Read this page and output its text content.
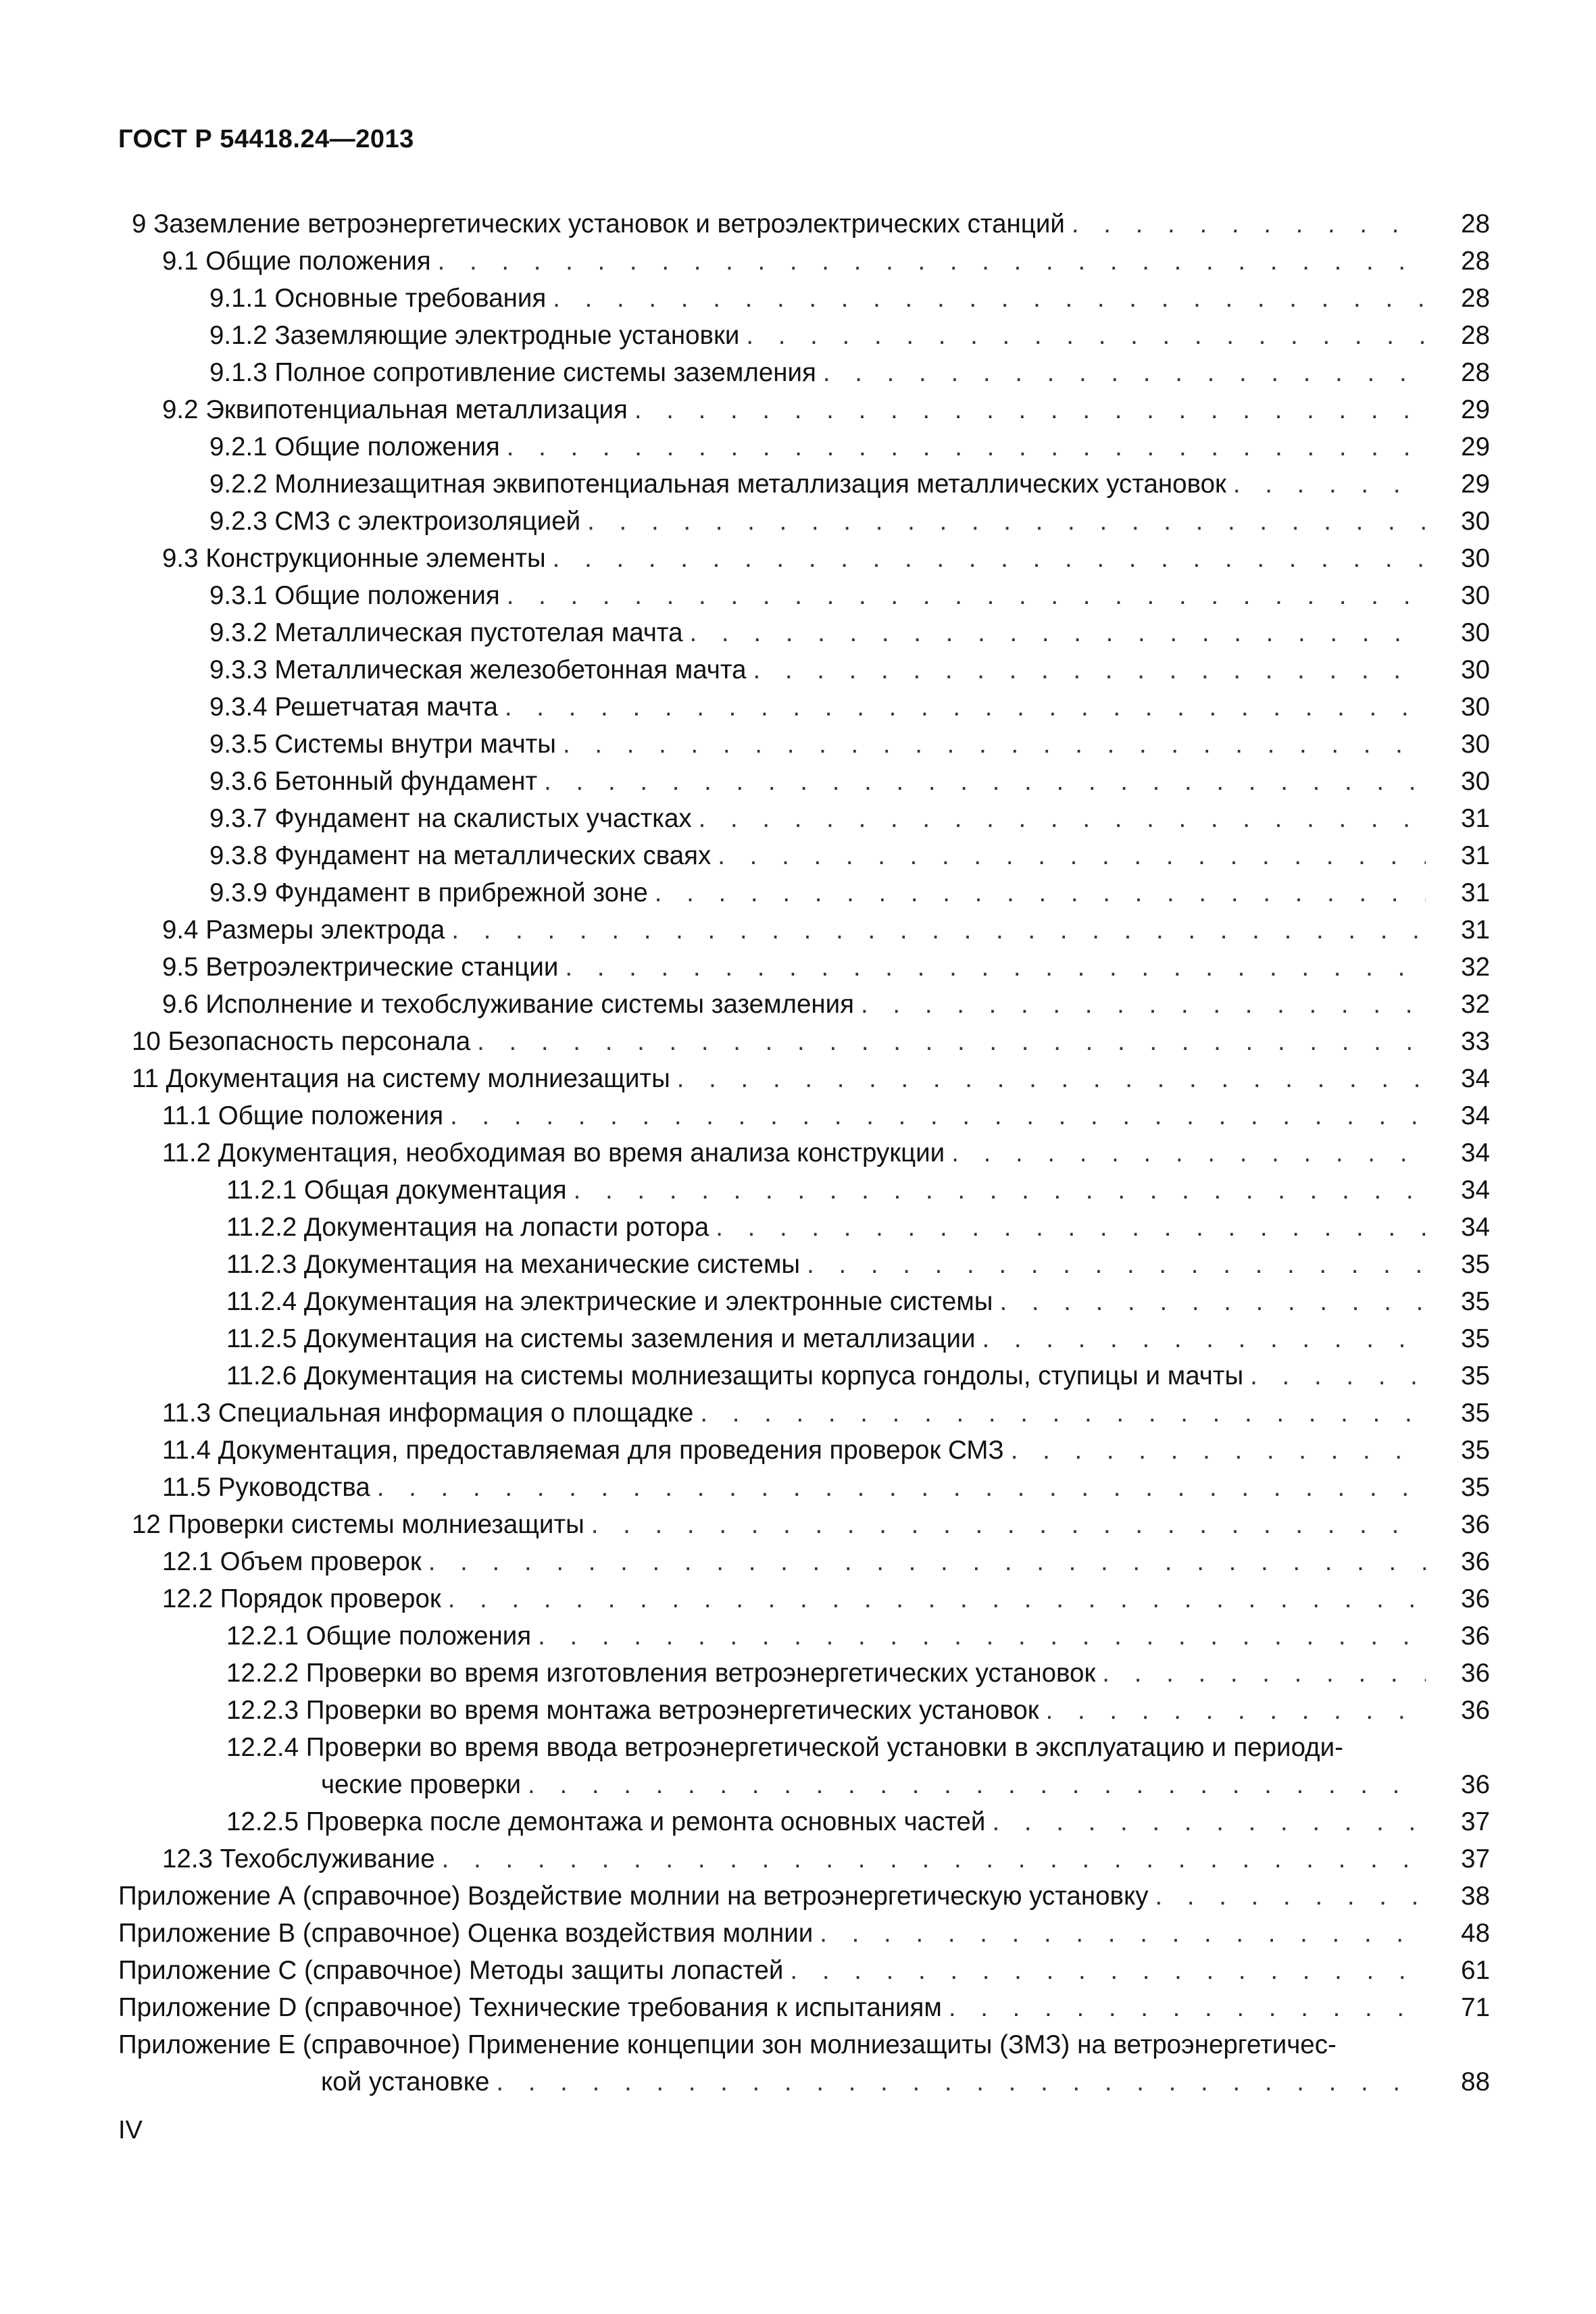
ГОСТ Р 54418.24—2013
9 Заземление ветроэнергетических установок и ветроэлектрических станций . . .	28
9.1 Общие положения . . .	28
9.1.1 Основные требования . . .	28
9.1.2 Заземляющие электродные установки . . .	28
9.1.3 Полное сопротивление системы заземления . . .	28
9.2 Эквипотенциальная металлизация . . .	29
9.2.1 Общие положения . . .	29
9.2.2 Молниезащитная эквипотенциальная металлизация металлических установок . . .	29
9.2.3 СМЗ с электроизоляцией . . .	30
9.3 Конструкционные элементы . . .	30
9.3.1 Общие положения . . .	30
9.3.2 Металлическая пустотелая мачта . . .	30
9.3.3 Металлическая железобетонная мачта . . .	30
9.3.4 Решетчатая мачта . . .	30
9.3.5 Системы внутри мачты . . .	30
9.3.6 Бетонный фундамент . . .	30
9.3.7 Фундамент на скалистых участках . . .	31
9.3.8 Фундамент на металлических сваях . . .	31
9.3.9 Фундамент в прибрежной зоне . . .	31
9.4 Размеры электрода . . .	31
9.5 Ветроэлектрические станции . . .	32
9.6 Исполнение и техобслуживание системы заземления . . .	32
10 Безопасность персонала . . .	33
11 Документация на систему молниезащиты . . .	34
11.1 Общие положения . . .	34
11.2 Документация, необходимая во время анализа конструкции . . .	34
11.2.1 Общая документация . . .	34
11.2.2 Документация на лопасти ротора . . .	34
11.2.3 Документация на механические системы . . .	35
11.2.4 Документация на электрические и электронные системы . . .	35
11.2.5 Документация на системы заземления и металлизации . . .	35
11.2.6 Документация на системы молниезащиты корпуса гондолы, ступицы и мачты . . .	35
11.3 Специальная информация о площадке . . .	35
11.4 Документация, предоставляемая для проведения проверок СМЗ . . .	35
11.5 Руководства . . .	35
12 Проверки системы молниезащиты . . .	36
12.1 Объем проверок . . .	36
12.2 Порядок проверок . . .	36
12.2.1 Общие положения . . .	36
12.2.2 Проверки во время изготовления ветроэнергетических установок . . .	36
12.2.3 Проверки во время монтажа ветроэнергетических установок . . .	36
12.2.4 Проверки во время ввода ветроэнергетической установки в эксплуатацию и периоди-
ческие проверки . . .	36
12.2.5 Проверка после демонтажа и ремонта основных частей . . .	37
12.3 Техобслуживание . . .	37
Приложение А (справочное) Воздействие молнии на ветроэнергетическую установку . . .	38
Приложение В (справочное) Оценка воздействия молнии . . .	48
Приложение С (справочное) Методы защиты лопастей . . .	61
Приложение D (справочное) Технические требования к испытаниям . . .	71
Приложение Е (справочное) Применение концепции зон молниезащиты (ЗМЗ) на ветроэнергетичес-
кой установке . . .	88
IV
